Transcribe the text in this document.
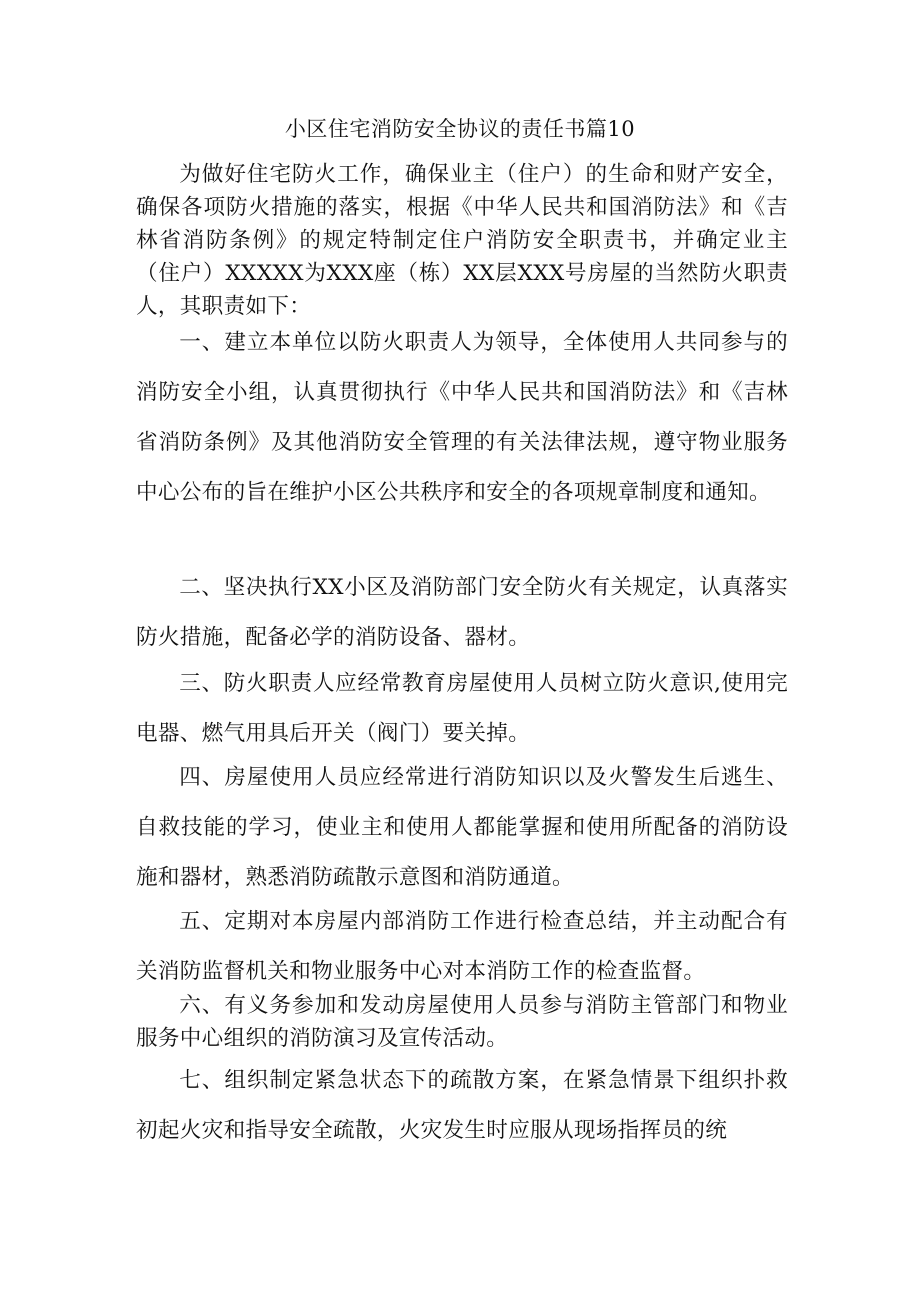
小区住宅消防安全协议的责任书篇10

为做好住宅防火工作，确保业主（住户）的生命和财产安全，确保各项防火措施的落实，根据《中华人民共和国消防法》和《吉林省消防条例》的规定特制定住户消防安全职责书，并确定业主（住户）XXXXX为XXX座（栋）XX层XXX号房屋的当然防火职责人，其职责如下：

一、建立本单位以防火职责人为领导，全体使用人共同参与的消防安全小组，认真贯彻执行《中华人民共和国消防法》和《吉林省消防条例》及其他消防安全管理的有关法律法规，遵守物业服务中心公布的旨在维护小区公共秩序和安全的各项规章制度和通知。

二、坚决执行XX小区及消防部门安全防火有关规定，认真落实防火措施，配备必学的消防设备、器材。

三、防火职责人应经常教育房屋使用人员树立防火意识,使用完电器、燃气用具后开关（阀门）要关掉。

四、房屋使用人员应经常进行消防知识以及火警发生后逃生、自救技能的学习，使业主和使用人都能掌握和使用所配备的消防设施和器材，熟悉消防疏散示意图和消防通道。

五、定期对本房屋内部消防工作进行检查总结，并主动配合有关消防监督机关和物业服务中心对本消防工作的检查监督。

六、有义务参加和发动房屋使用人员参与消防主管部门和物业服务中心组织的消防演习及宣传活动。

七、组织制定紧急状态下的疏散方案，在紧急情景下组织扑救初起火灾和指导安全疏散，火灾发生时应服从现场指挥员的统
